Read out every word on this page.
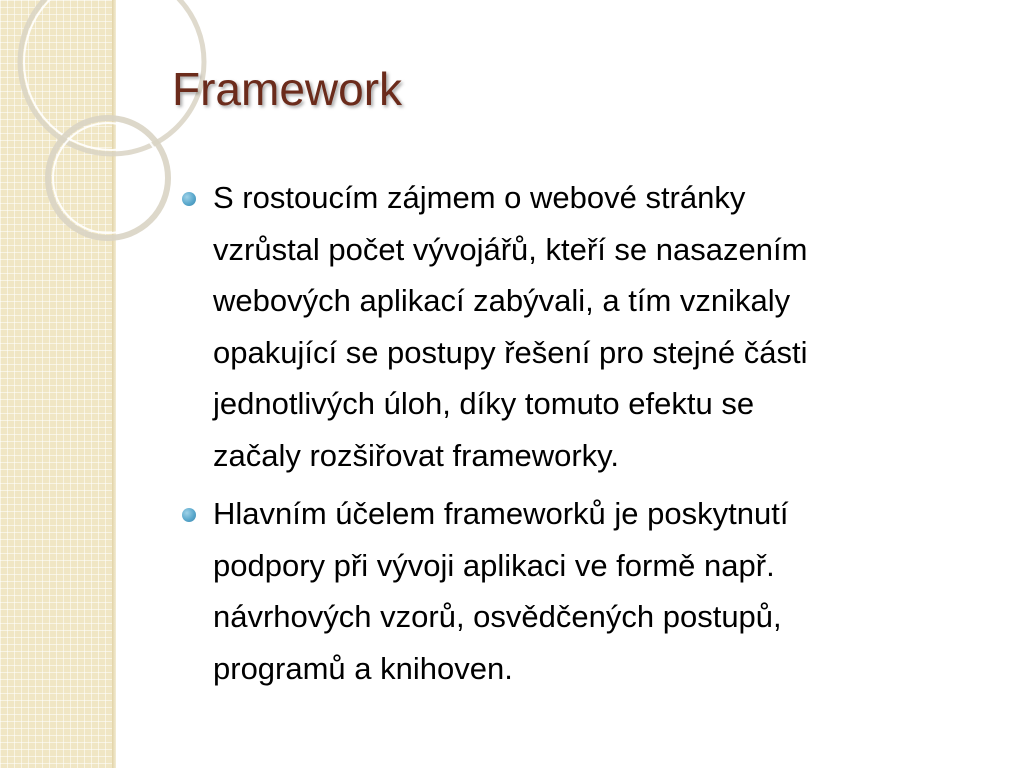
Framework
S rostoucím zájmem o webové stránky
vzrůstal počet vývojářů, kteří se nasazením
webových aplikací zabývali, a tím vznikaly
opakující se postupy řešení pro stejné části
jednotlivých úloh, díky tomuto efektu se
začaly rozšiřovat frameworky.
Hlavním účelem frameworků je poskytnutí
podpory při vývoji aplikaci ve formě např.
návrhových vzorů, osvědčených postupů,
programů a knihoven.
